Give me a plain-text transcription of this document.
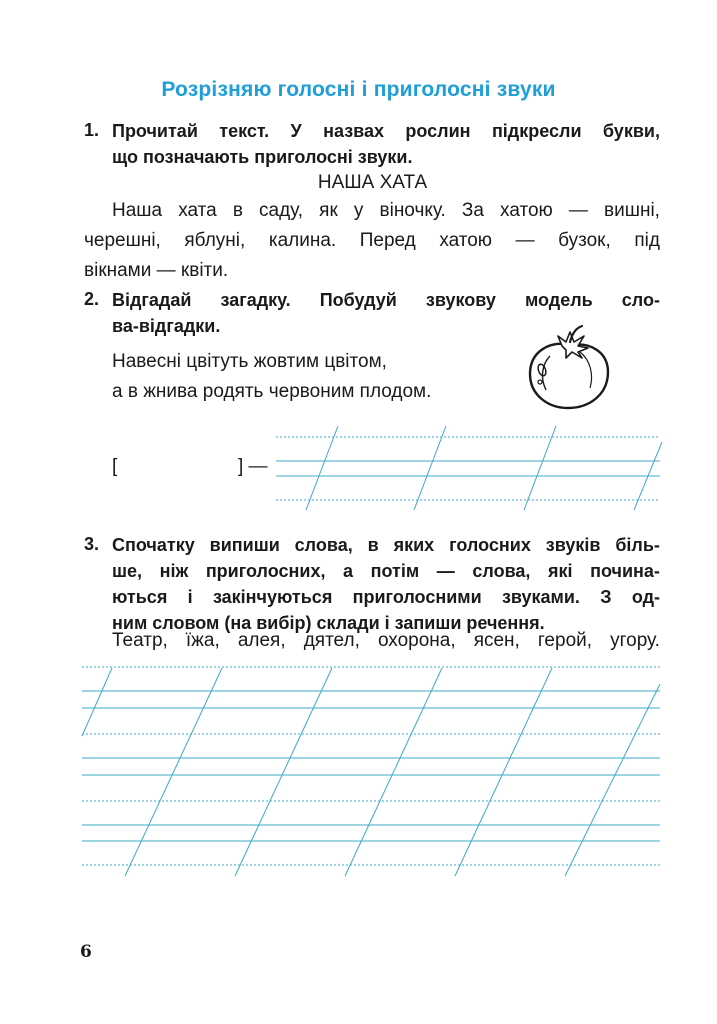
Розрізняю голосні і приголосні звуки
1. Прочитай текст. У назвах рослин підкресли букви,
що позначають приголосні звуки.
НАША ХАТА
Наша хата в саду, як у віночку. За хатою — вишні,
черешні, яблуні, калина. Перед хатою — бузок, під
вікнами — квіти.
2. Відгадай загадку. Побудуй звукову модель сло-
ва-відгадки.
Навесні цвітуть жовтим цвітом,
а в жнива родять червоним плодом.
[	] —
3. Спочатку випиши слова, в яких голосних звуків біль-
ше, ніж приголосних, а потім — слова, які почина-
ються і закінчуються приголосними звуками. З од-
ним словом (на вибір) склади і запиши речення.
Театр, їжа, алея, дятел, охорона, ясен, герой, угору.
6
